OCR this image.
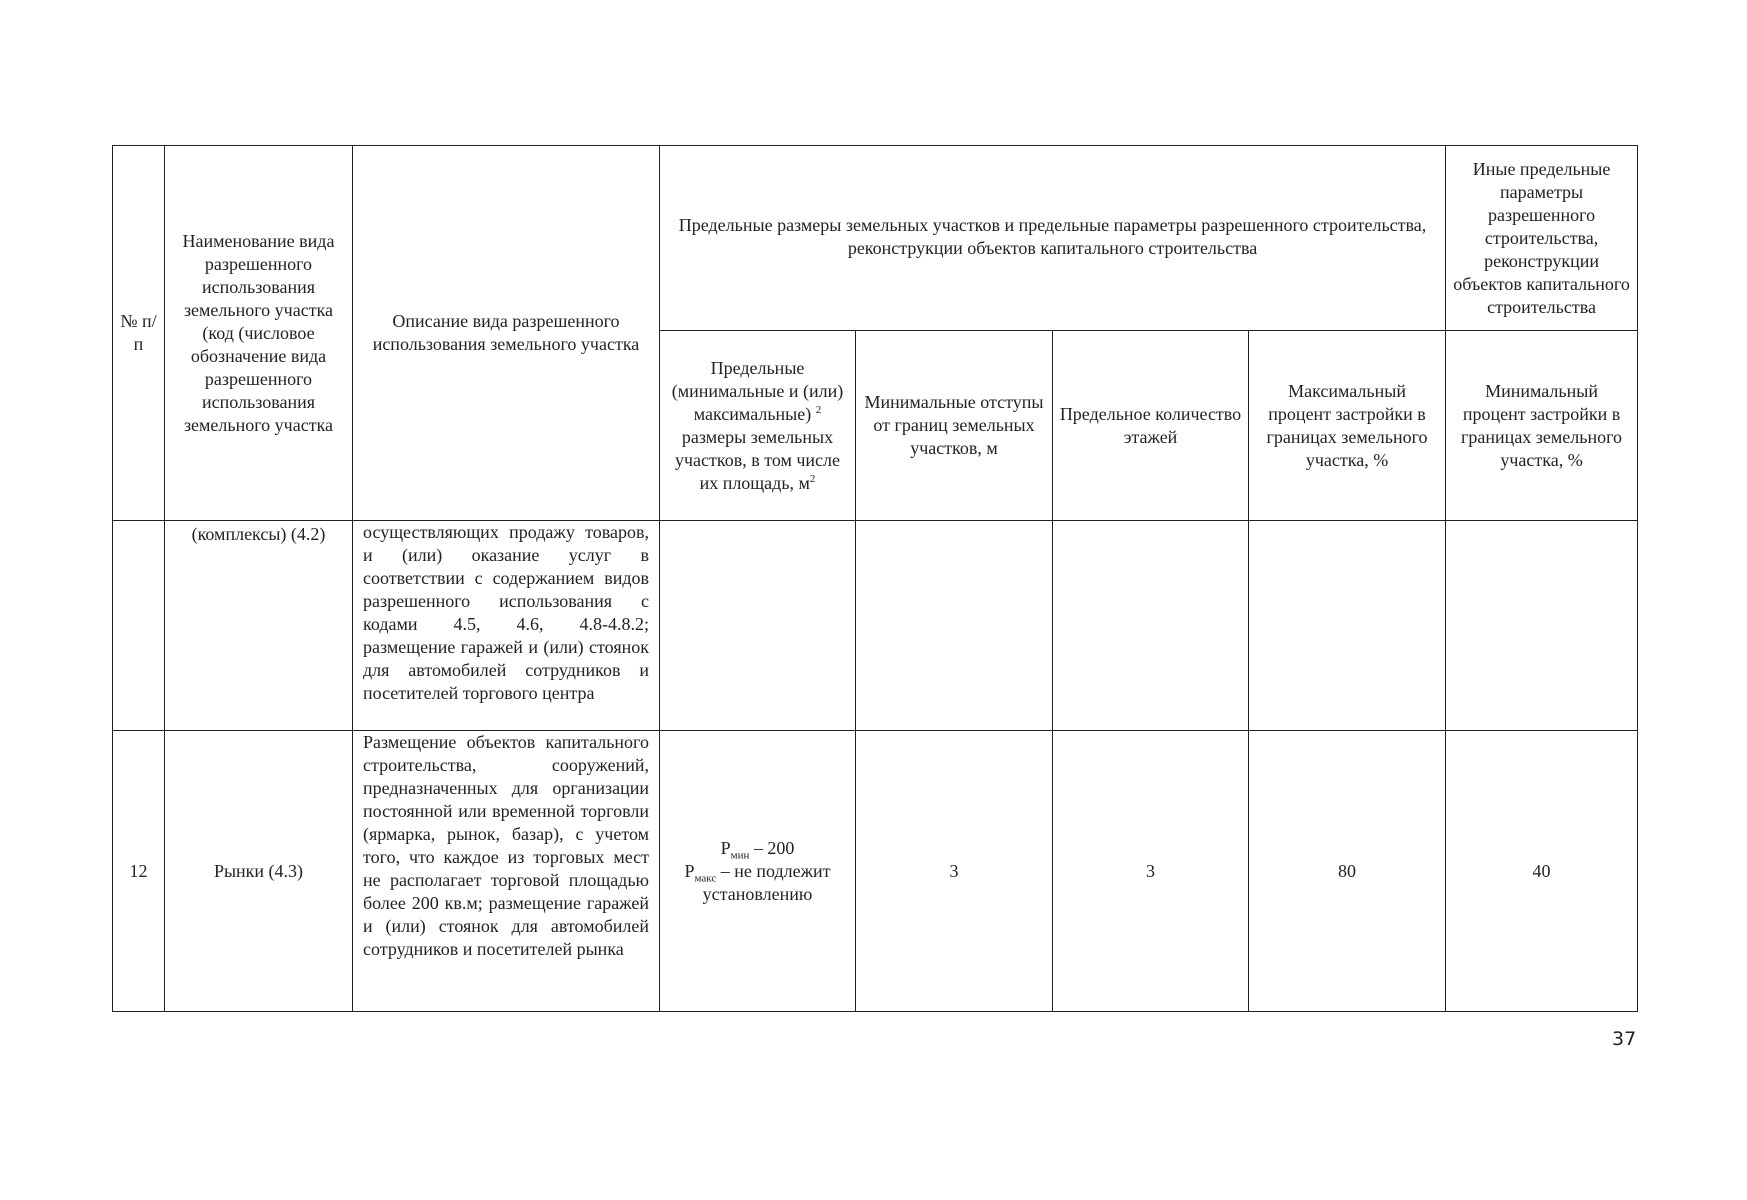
№ п/п	Наименование вида разрешенного использования земельного участка (код (числовое обозначение вида разрешенного использования земельного участка	Описание вида разрешенного использования земельного участка	Предельные размеры земельных участков и предельные параметры разрешенного строительства, реконструкции объектов капитального строительства				Иные предельные параметры разрешенного строительства, реконструкции объектов капитального строительства
			Предельные (минимальные и (или) максимальные) $^2$ размеры земельных участков, в том числе их площадь, $м^2$	Минимальные отступы от границ земельных участков, м	Предельное количество этажей	Максимальный процент застройки в границах земельного участка, %	Минимальный процент застройки в границах земельного участка, %
	(комплексы) (4.2)	осуществляющих продажу товаров, и (или) оказание услуг в соответствии с содержанием видов разрешенного использования с кодами 4.5, 4.6, 4.8-4.8.2; размещение гаражей и (или) стоянок для автомобилей сотрудников и посетителей торгового центра					
12	Рынки (4.3)	Размещение объектов капитального строительства, сооружений, предназначенных для организации постоянной или временной торговли (ярмарка, рынок, базар), с учетом того, что каждое из торговых мест не располагает торговой площадью более 200 кв.м; размещение гаражей и (или) стоянок для автомобилей сотрудников и посетителей рынка	$P_{мин} - 200$
$P_{макс}$ – не подлежит установлению	3	3	80	40
37
